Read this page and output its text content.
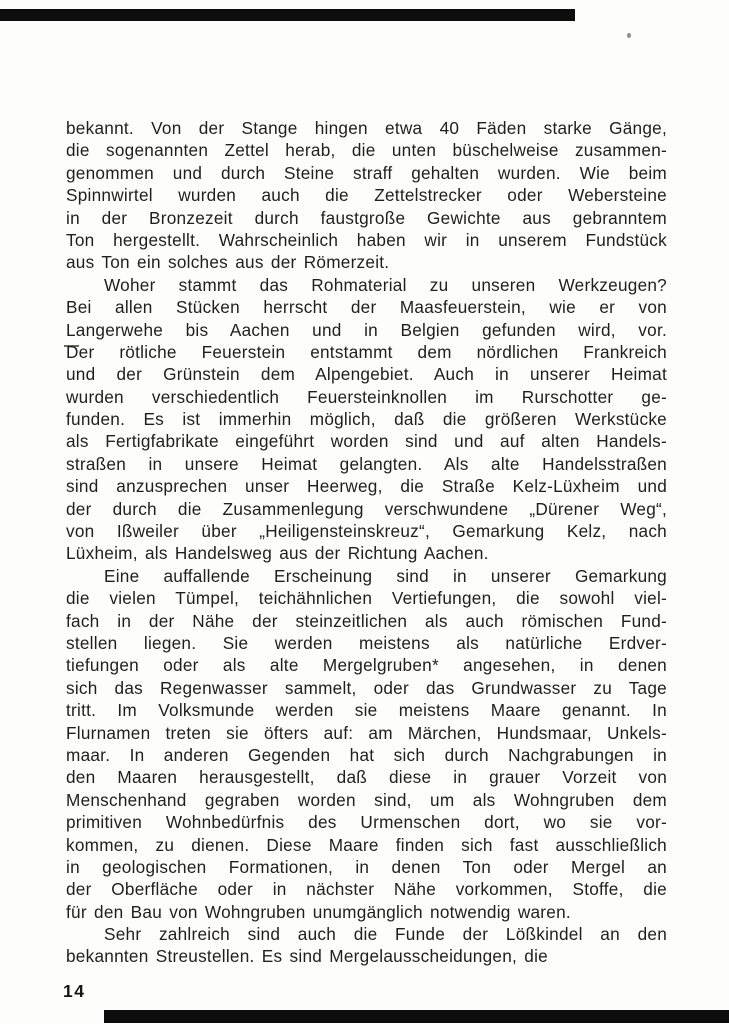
bekannt. Von der Stange hingen etwa 40 Fäden starke Gänge,
die sogenannten Zettel herab, die unten büschelweise zusammen-
genommen und durch Steine straff gehalten wurden. Wie beim
Spinnwirtel wurden auch die Zettelstrecker oder Webersteine
in der Bronzezeit durch faustgroße Gewichte aus gebranntem
Ton hergestellt. Wahrscheinlich haben wir in unserem Fundstück
aus Ton ein solches aus der Römerzeit.
Woher stammt das Rohmaterial zu unseren Werkzeugen?
Bei allen Stücken herrscht der Maasfeuerstein, wie er von
Langerwehe bis Aachen und in Belgien gefunden wird, vor.
Der rötliche Feuerstein entstammt dem nördlichen Frankreich
und der Grünstein dem Alpengebiet. Auch in unserer Heimat
wurden verschiedentlich Feuersteinknollen im Rurschotter ge-
funden. Es ist immerhin möglich, daß die größeren Werkstücke
als Fertigfabrikate eingeführt worden sind und auf alten Handels-
straßen in unsere Heimat gelangten. Als alte Handelsstraßen
sind anzusprechen unser Heerweg, die Straße Kelz-Lüxheim und
der durch die Zusammenlegung verschwundene „Dürener Weg“,
von Ißweiler über „Heiligensteinskreuz“, Gemarkung Kelz, nach
Lüxheim, als Handelsweg aus der Richtung Aachen.
Eine auffallende Erscheinung sind in unserer Gemarkung
die vielen Tümpel, teichähnlichen Vertiefungen, die sowohl viel-
fach in der Nähe der steinzeitlichen als auch römischen Fund-
stellen liegen. Sie werden meistens als natürliche Erdver-
tiefungen oder als alte Mergelgruben* angesehen, in denen
sich das Regenwasser sammelt, oder das Grundwasser zu Tage
tritt. Im Volksmunde werden sie meistens Maare genannt. In
Flurnamen treten sie öfters auf: am Märchen, Hundsmaar, Unkels-
maar. In anderen Gegenden hat sich durch Nachgrabungen in
den Maaren herausgestellt, daß diese in grauer Vorzeit von
Menschenhand gegraben worden sind, um als Wohngruben dem
primitiven Wohnbedürfnis des Urmenschen dort, wo sie vor-
kommen, zu dienen. Diese Maare finden sich fast ausschließlich
in geologischen Formationen, in denen Ton oder Mergel an
der Oberfläche oder in nächster Nähe vorkommen, Stoffe, die
für den Bau von Wohngruben unumgänglich notwendig waren.
Sehr zahlreich sind auch die Funde der Lößkindel an den
bekannten Streustellen. Es sind Mergelausscheidungen, die
14
